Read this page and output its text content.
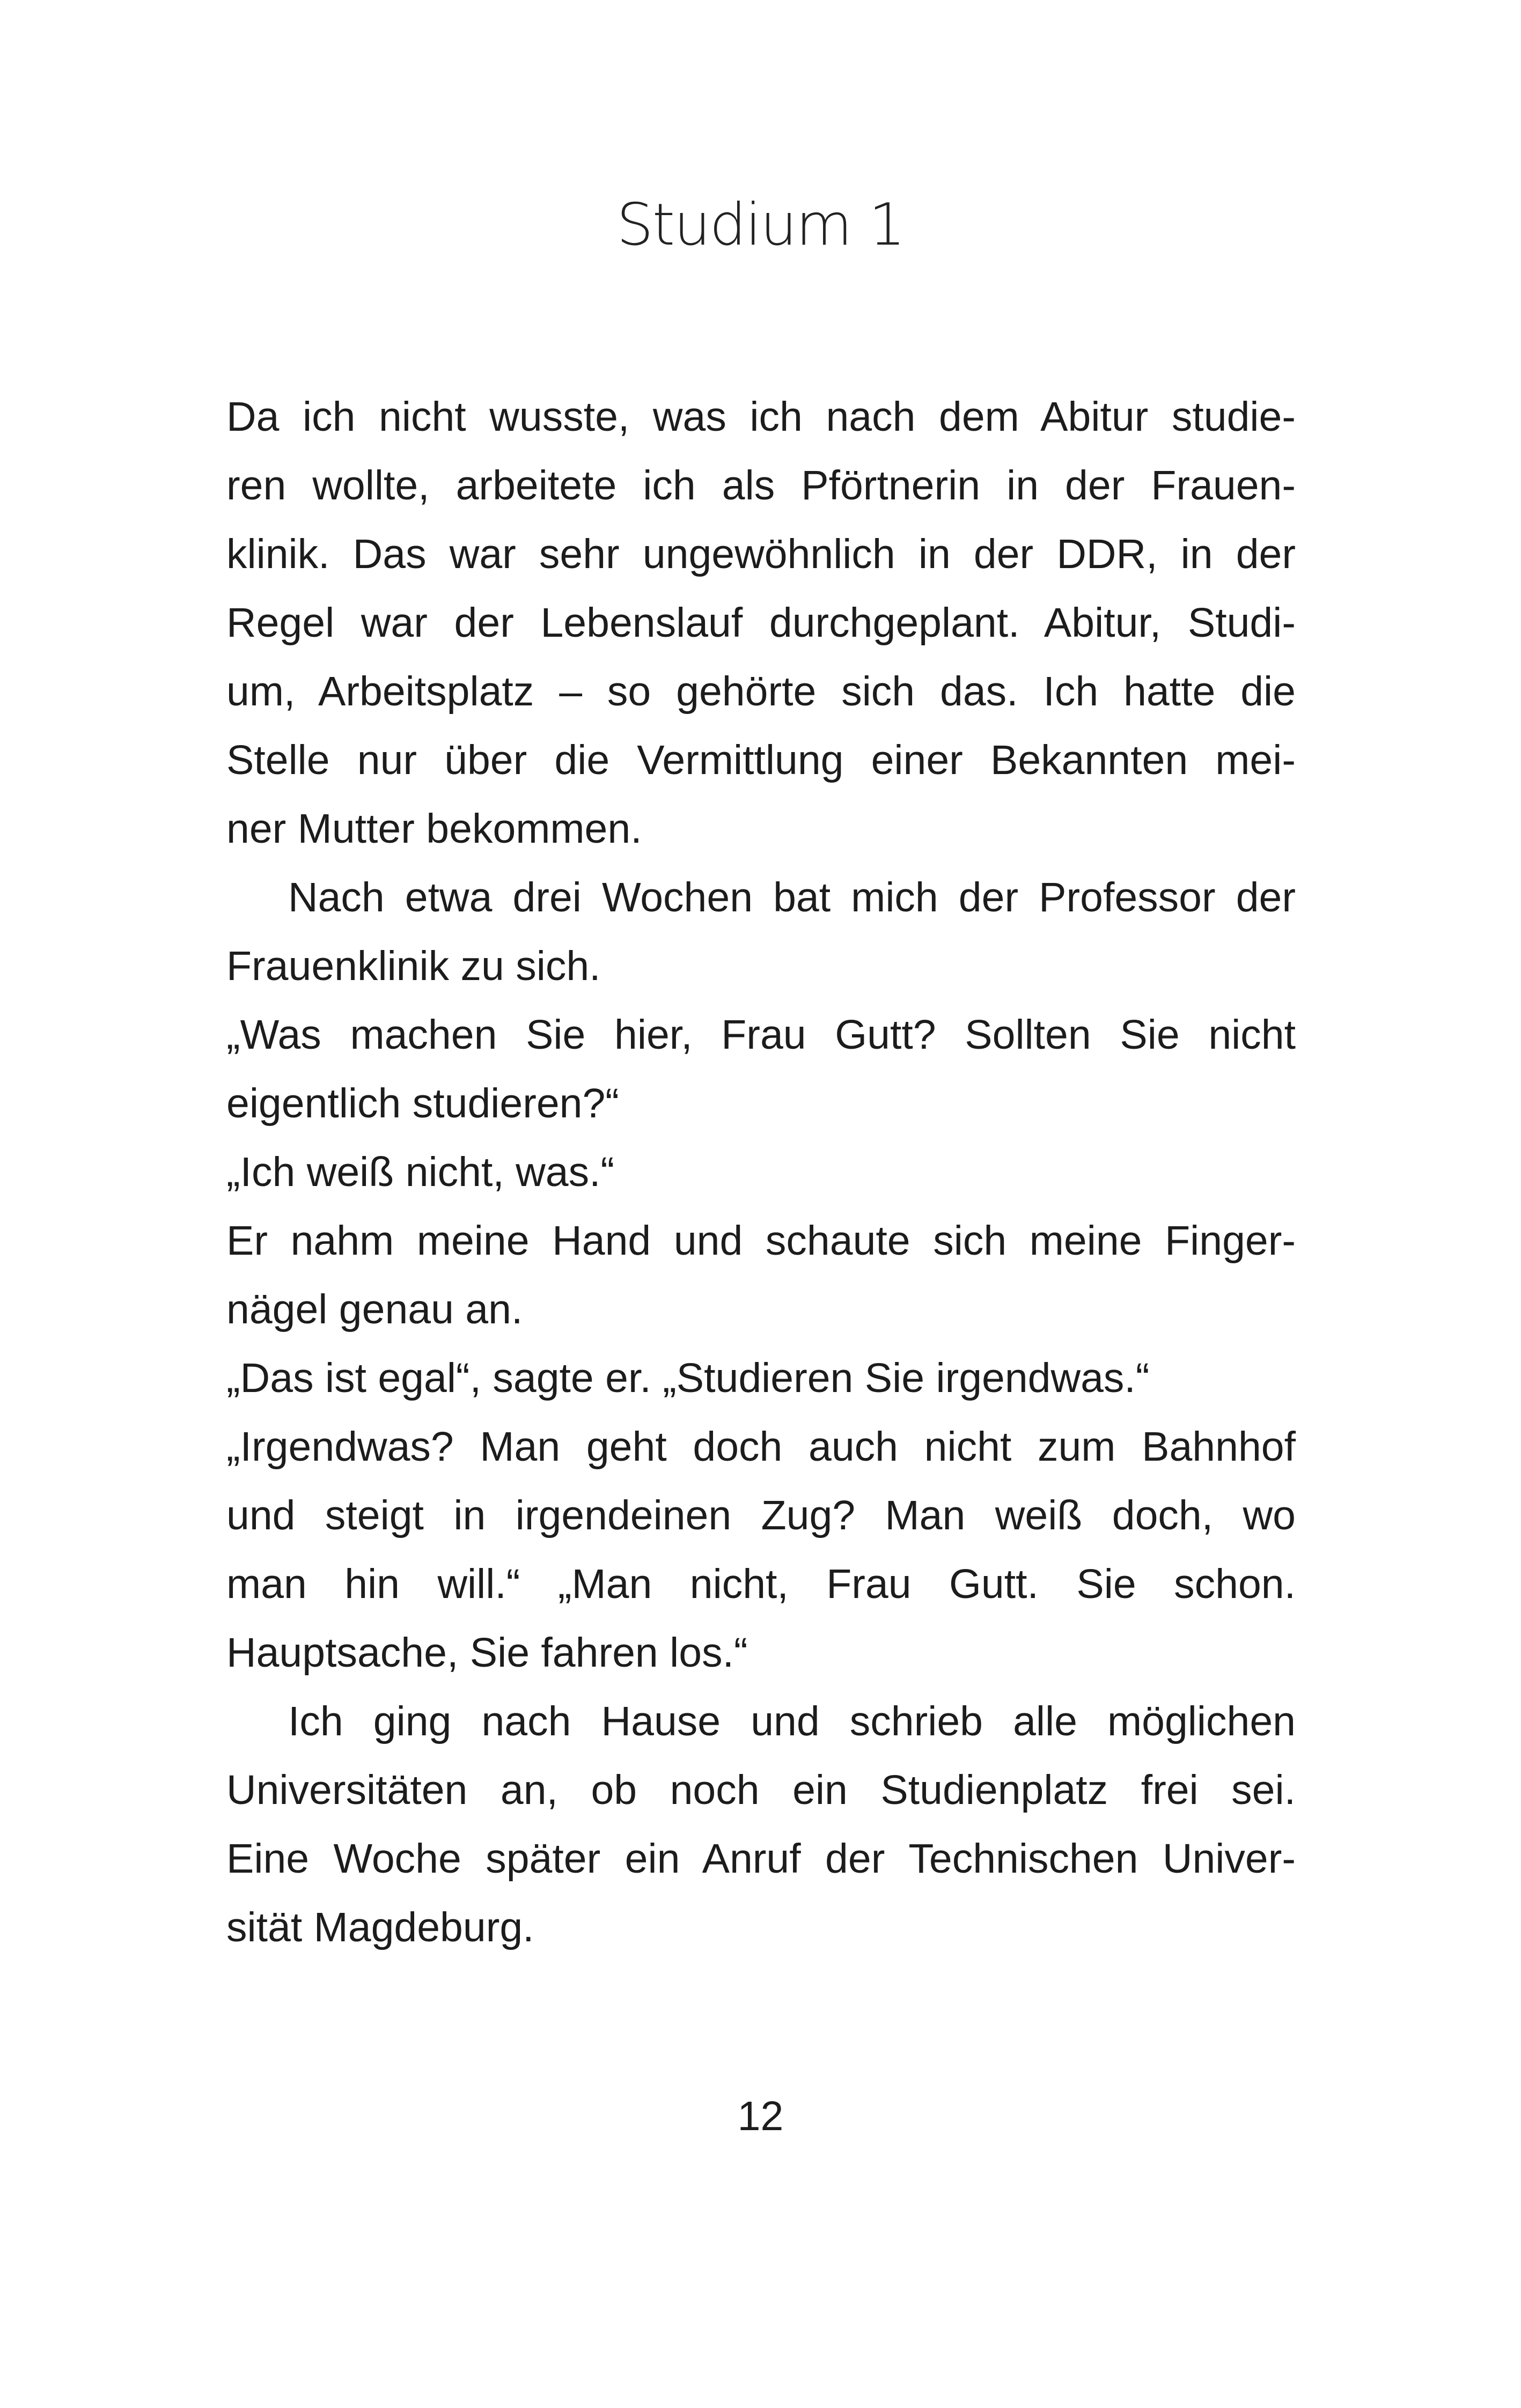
Studium 1
Da ich nicht wusste, was ich nach dem Abitur studie-
ren wollte, arbeitete ich als Pförtnerin in der Frauen-
klinik. Das war sehr ungewöhnlich in der DDR, in der
Regel war der Lebenslauf durchgeplant. Abitur, Studi-
um, Arbeitsplatz – so gehörte sich das. Ich hatte die
Stelle nur über die Vermittlung einer Bekannten mei-
ner Mutter bekommen.
Nach etwa drei Wochen bat mich der Professor der
Frauenklinik zu sich.
„Was machen Sie hier, Frau Gutt? Sollten Sie nicht
eigentlich studieren?“
„Ich weiß nicht, was.“
Er nahm meine Hand und schaute sich meine Finger-
nägel genau an.
„Das ist egal“, sagte er. „Studieren Sie irgendwas.“
„Irgendwas? Man geht doch auch nicht zum Bahnhof
und steigt in irgendeinen Zug? Man weiß doch, wo
man hin will.“ „Man nicht, Frau Gutt. Sie schon.
Hauptsache, Sie fahren los.“
Ich ging nach Hause und schrieb alle möglichen
Universitäten an, ob noch ein Studienplatz frei sei.
Eine Woche später ein Anruf der Technischen Univer-
sität Magdeburg.
12
